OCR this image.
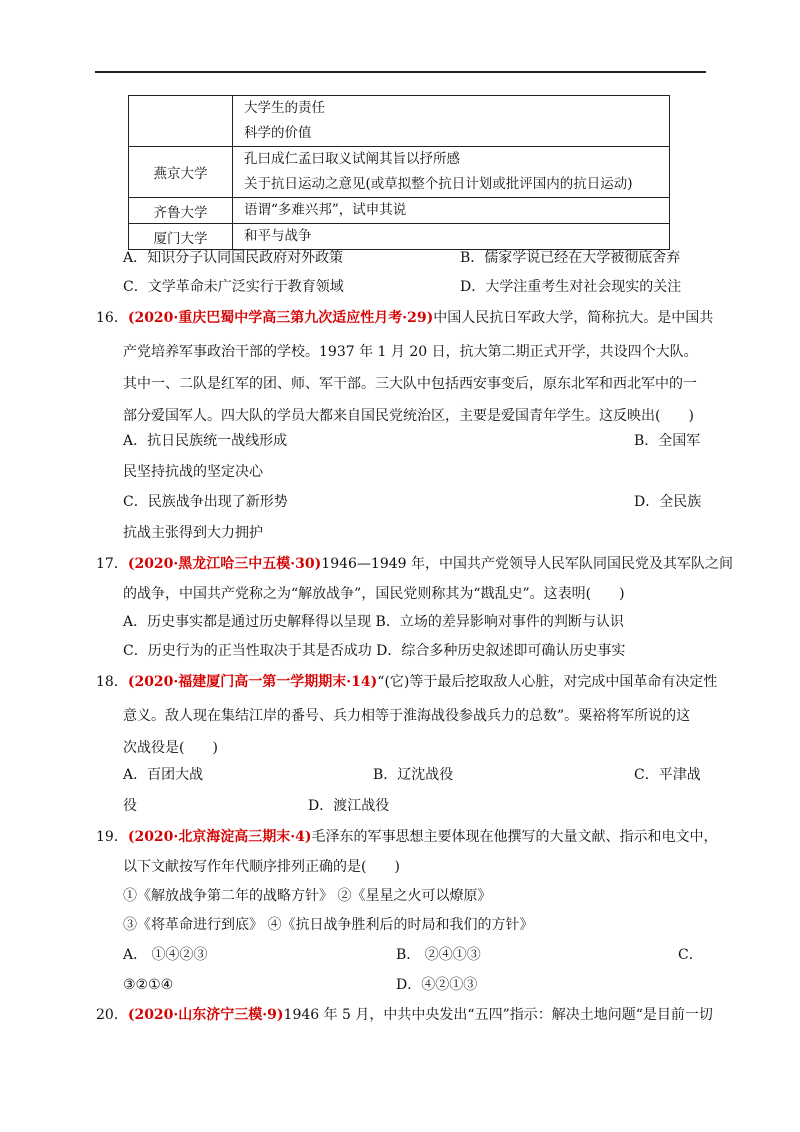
	大学生的责任
科学的价值

燕京大学	孔曰成仁孟曰取义试阐其旨以抒所感
关于抗日运动之意见(或草拟整个抗日计划或批评国内的抗日运动)

齐鲁大学	语谓“多难兴邦”，试申其说

厦门大学	和平与战争
A．知识分子认同国民政府对外政策	B．儒家学说已经在大学被彻底舍弃
C．文学革命未广泛实行于教育领域	D．大学注重考生对社会现实的关注
16．(2020·重庆巴蜀中学高三第九次适应性月考·29)中国人民抗日军政大学，简称抗大。是中国共
产党培养军事政治干部的学校。1937 年 1 月 20 日，抗大第二期正式开学，共设四个大队。
其中一、二队是红军的团、师、军干部。三大队中包括西安事变后，原东北军和西北军中的一
部分爱国军人。四大队的学员大都来自国民党统治区，主要是爱国青年学生。这反映出(　　)
A．抗日民族统一战线形成	B．全国军
民坚持抗战的坚定决心
C．民族战争出现了新形势	D．全民族
抗战主张得到大力拥护
17．(2020·黑龙江哈三中五模·30)1946—1949 年，中国共产党领导人民军队同国民党及其军队之间
的战争，中国共产党称之为“解放战争”，国民党则称其为“戡乱史”。这表明(　　)
A．历史事实都是通过历史解释得以呈现 B．立场的差异影响对事件的判断与认识
C．历史行为的正当性取决于其是否成功 D．综合多种历史叙述即可确认历史事实
18．(2020·福建厦门高一第一学期期末·14)“(它)等于最后挖取敌人心脏，对完成中国革命有决定性
意义。敌人现在集结江岸的番号、兵力相等于淮海战役参战兵力的总数”。粟裕将军所说的这
次战役是(　　)
A．百团大战	B．辽沈战役	C．平津战
役	D．渡江战役
19．(2020·北京海淀高三期末·4)毛泽东的军事思想主要体现在他撰写的大量文献、指示和电文中，
以下文献按写作年代顺序排列正确的是(　　)
①《解放战争第二年的战略方针》 ②《星星之火可以燎原》
③《将革命进行到底》 ④《抗日战争胜利后的时局和我们的方针》
A． ①④②③	B． ②④①③	C．
③②①④	D．④②①③
20．(2020·山东济宁三模·9)1946 年 5 月，中共中央发出“五四”指示：解决土地问题“是目前一切
